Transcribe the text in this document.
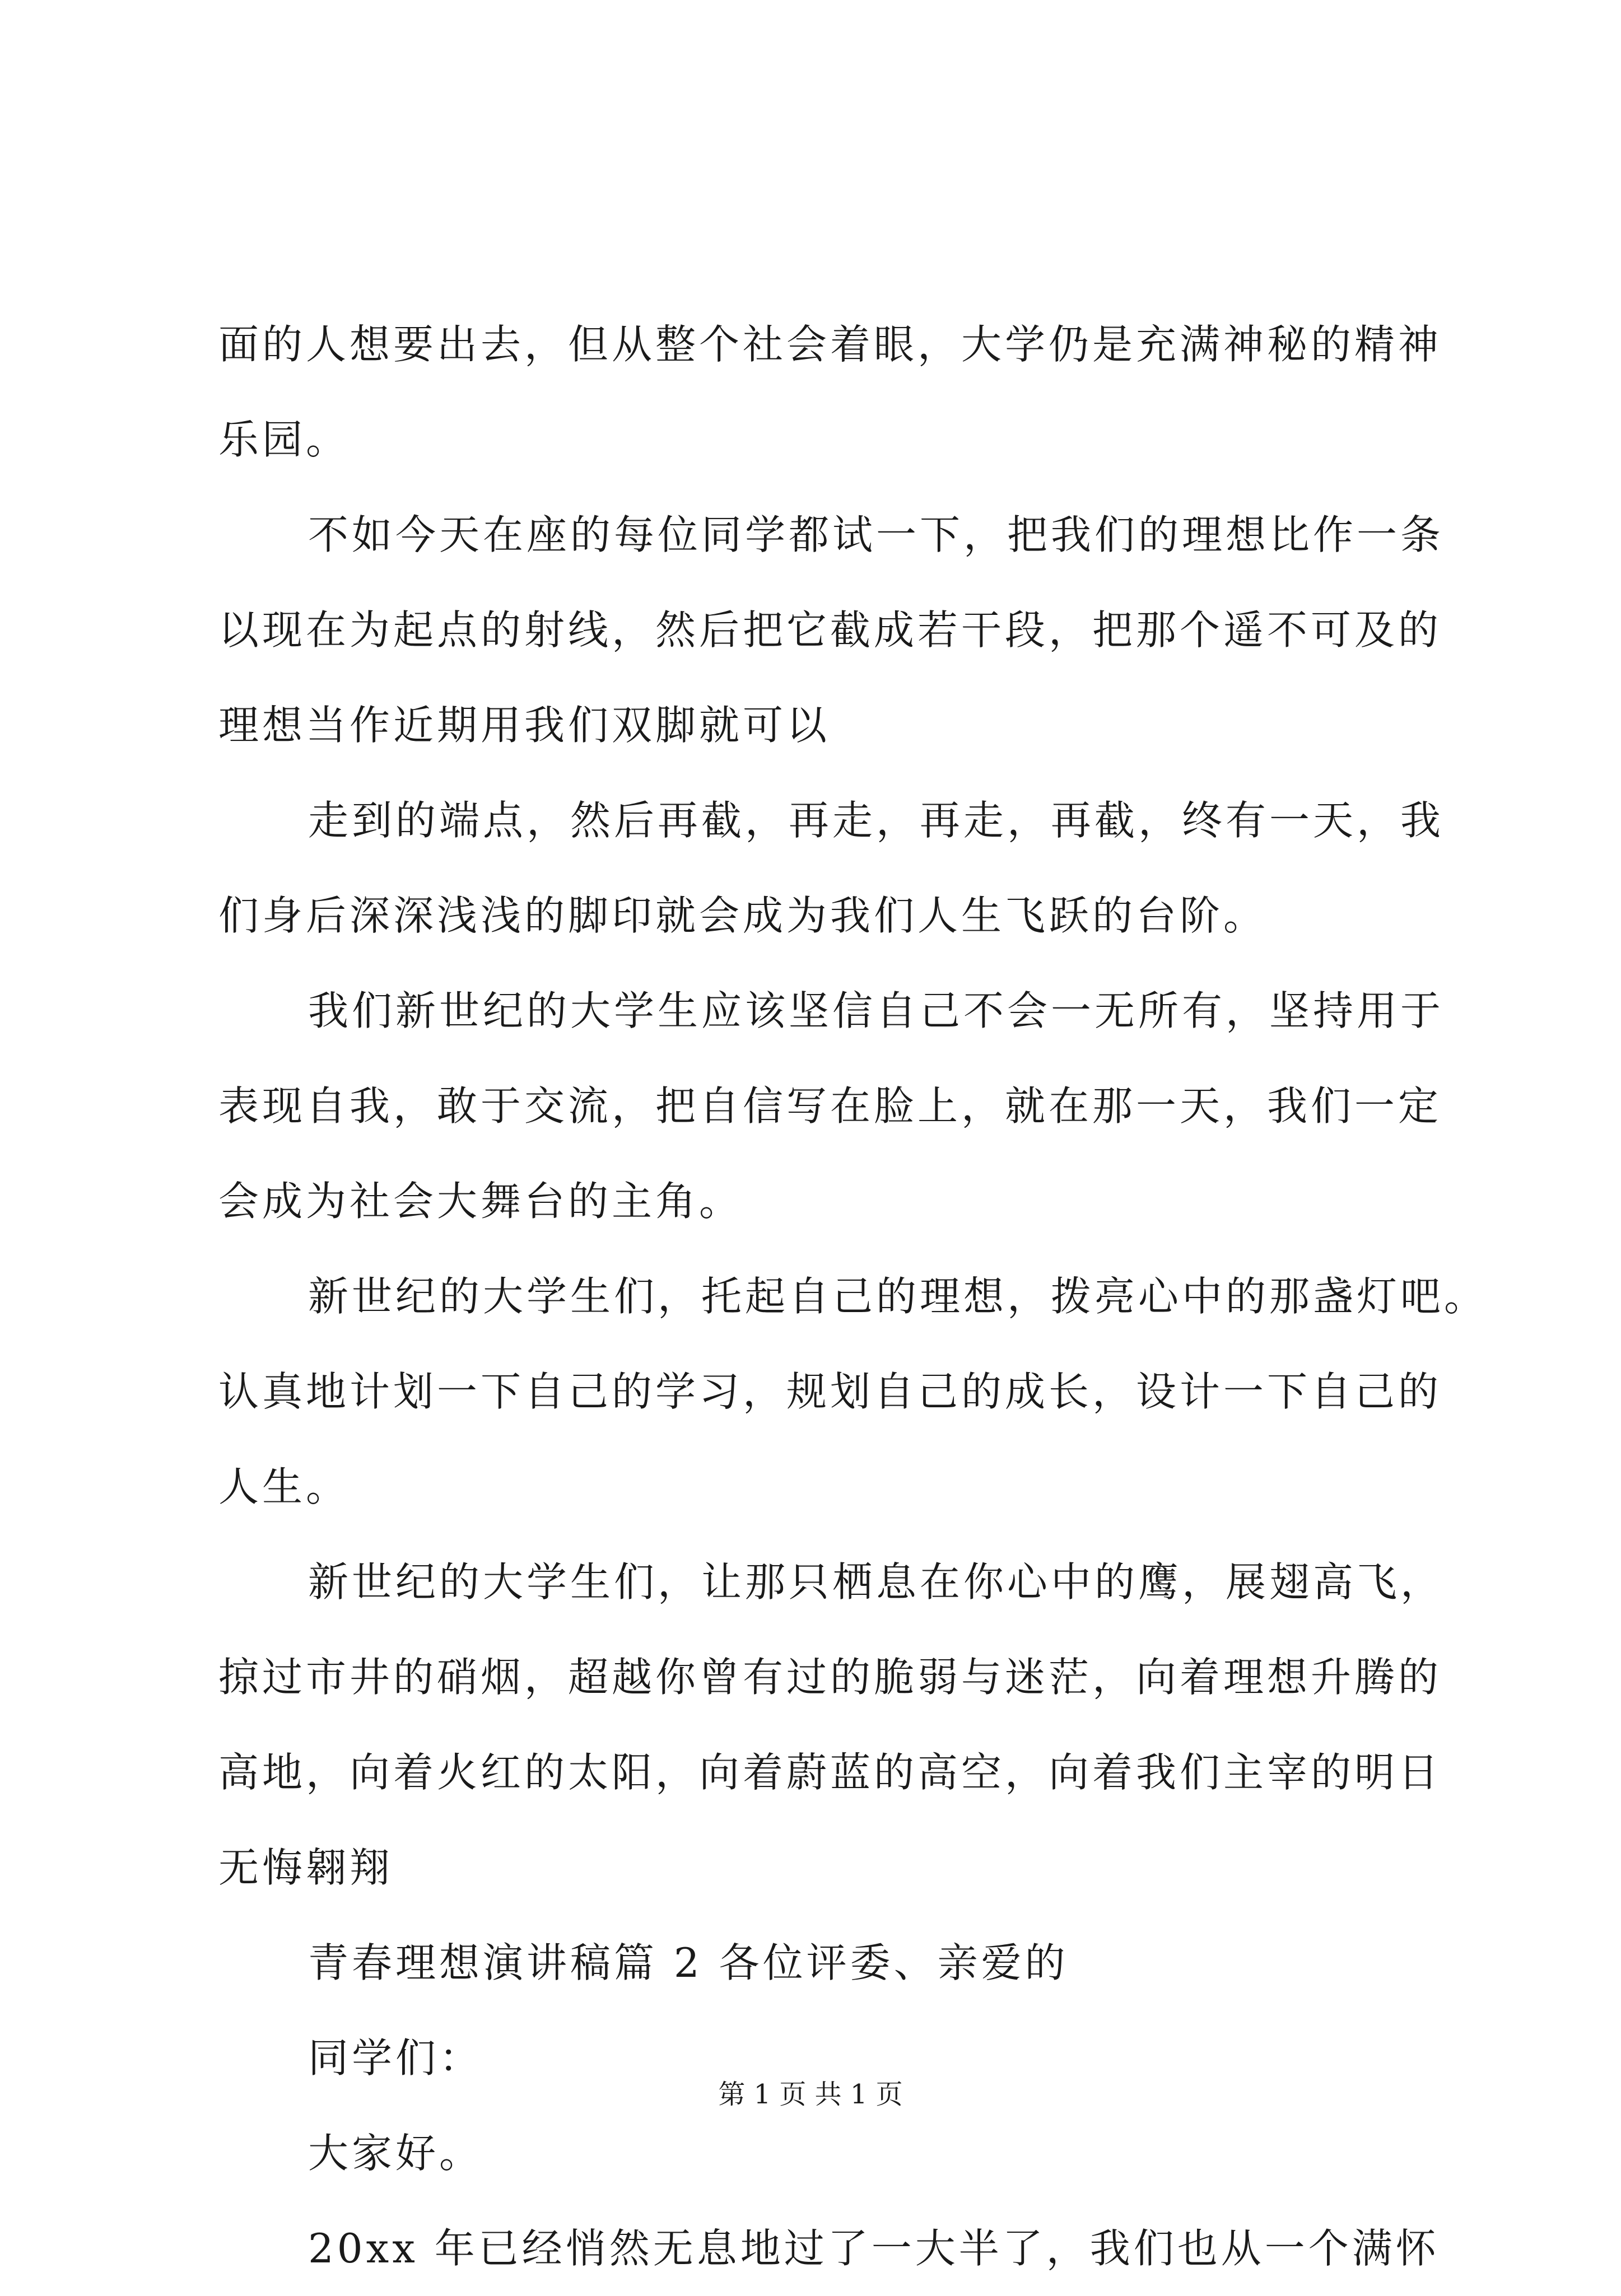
面的人想要出去，但从整个社会着眼，大学仍是充满神秘的精神
乐园。
不如今天在座的每位同学都试一下，把我们的理想比作一条
以现在为起点的射线，然后把它截成若干段，把那个遥不可及的
理想当作近期用我们双脚就可以
走到的端点，然后再截，再走，再走，再截，终有一天，我
们身后深深浅浅的脚印就会成为我们人生飞跃的台阶。
我们新世纪的大学生应该坚信自己不会一无所有，坚持用于
表现自我，敢于交流，把自信写在脸上，就在那一天，我们一定
会成为社会大舞台的主角。
新世纪的大学生们，托起自己的理想，拨亮心中的那盏灯吧。
认真地计划一下自己的学习，规划自己的成长，设计一下自己的
人生。
新世纪的大学生们，让那只栖息在你心中的鹰，展翅高飞，
掠过市井的硝烟，超越你曾有过的脆弱与迷茫，向着理想升腾的
高地，向着火红的太阳，向着蔚蓝的高空，向着我们主宰的明日
无悔翱翔
青春理想演讲稿篇 2 各位评委、亲爱的
同学们：
大家好。
20xx 年已经悄然无息地过了一大半了，我们也从一个满怀
第 1 页 共 1 页
